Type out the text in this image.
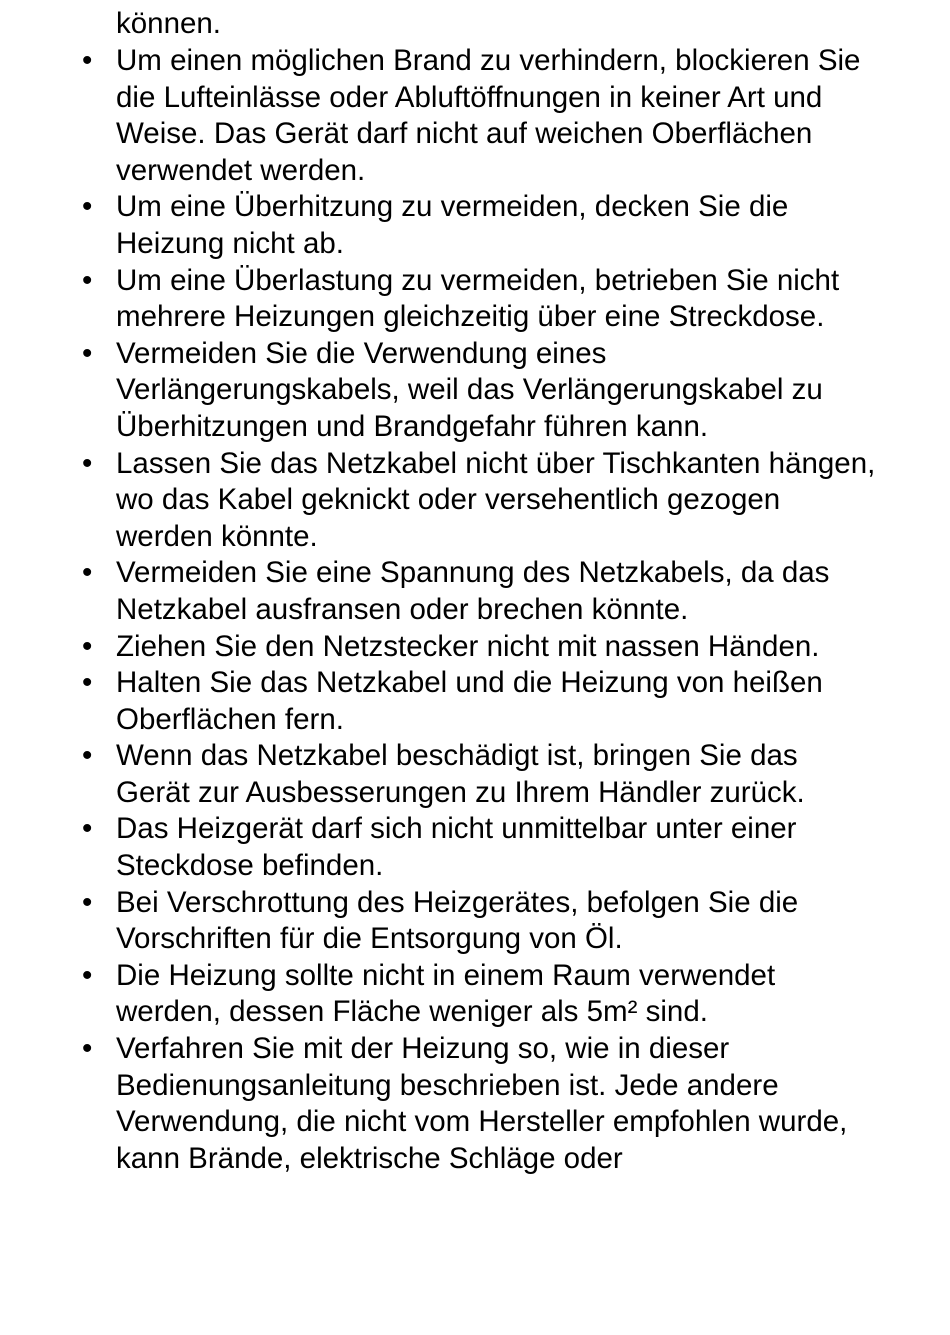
können.

• Um einen möglichen Brand zu verhindern, blockieren Sie die Lufteinlässe oder Abluftöffnungen in keiner Art und Weise. Das Gerät darf nicht auf weichen Oberflächen verwendet werden.
• Um eine Überhitzung zu vermeiden, decken Sie die Heizung nicht ab.
• Um eine Überlastung zu vermeiden, betrieben Sie nicht mehrere Heizungen gleichzeitig über eine Streckdose.
• Vermeiden Sie die Verwendung eines Verlängerungskabels, weil das Verlängerungskabel zu Überhitzungen und Brandgefahr führen kann.
• Lassen Sie das Netzkabel nicht über Tischkanten hängen, wo das Kabel geknickt oder versehentlich gezogen werden könnte.
• Vermeiden Sie eine Spannung des Netzkabels, da das Netzkabel ausfransen oder brechen könnte.
• Ziehen Sie den Netzstecker nicht mit nassen Händen.
• Halten Sie das Netzkabel und die Heizung von heißen Oberflächen fern.
• Wenn das Netzkabel beschädigt ist, bringen Sie das Gerät zur Ausbesserungen zu Ihrem Händler zurück.
• Das Heizgerät darf sich nicht unmittelbar unter einer Steckdose befinden.
• Bei Verschrottung des Heizgerätes, befolgen Sie die Vorschriften für die Entsorgung von Öl.
• Die Heizung sollte nicht in einem Raum verwendet werden, dessen Fläche weniger als 5m² sind.
• Verfahren Sie mit der Heizung so, wie in dieser Bedienungsanleitung beschrieben ist. Jede andere Verwendung, die nicht vom Hersteller empfohlen wurde, kann Brände, elektrische Schläge oder
